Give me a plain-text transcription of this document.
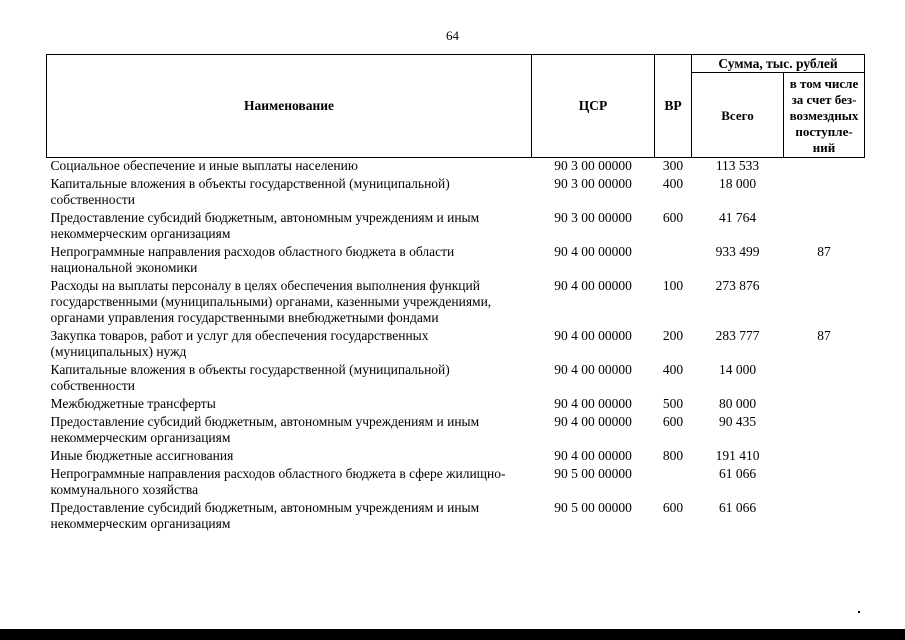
64
Наименование	ЦСР	ВР	Сумма, тыс. рублей	
			Всего	в том числе за счет без-возмездных поступле-ний
Социальное обеспечение и иные выплаты населению	90 3 00 00000	300	113 533	
Капитальные вложения в объекты государственной (муниципальной) собственности	90 3 00 00000	400	18 000	
Предоставление субсидий бюджетным, автономным учреждениям и иным некоммерческим организациям	90 3 00 00000	600	41 764	
Непрограммные направления расходов областного бюджета в области национальной экономики	90 4 00 00000		933 499	87
Расходы на выплаты персоналу в целях обеспечения выполнения функций государственными (муниципальными) органами, казенными учреждениями, органами управления государственными внебюджетными фондами	90 4 00 00000	100	273 876	
Закупка товаров, работ и услуг для обеспечения государственных (муниципальных) нужд	90 4 00 00000	200	283 777	87
Капитальные вложения в объекты государственной (муниципальной) собственности	90 4 00 00000	400	14 000	
Межбюджетные трансферты	90 4 00 00000	500	80 000	
Предоставление субсидий бюджетным, автономным учреждениям и иным некоммерческим организациям	90 4 00 00000	600	90 435	
Иные бюджетные ассигнования	90 4 00 00000	800	191 410	
Непрограммные направления расходов областного бюджета в сфере жилищно-коммунального хозяйства	90 5 00 00000		61 066	
Предоставление субсидий бюджетным, автономным учреждениям и иным некоммерческим организациям	90 5 00 00000	600	61 066	
